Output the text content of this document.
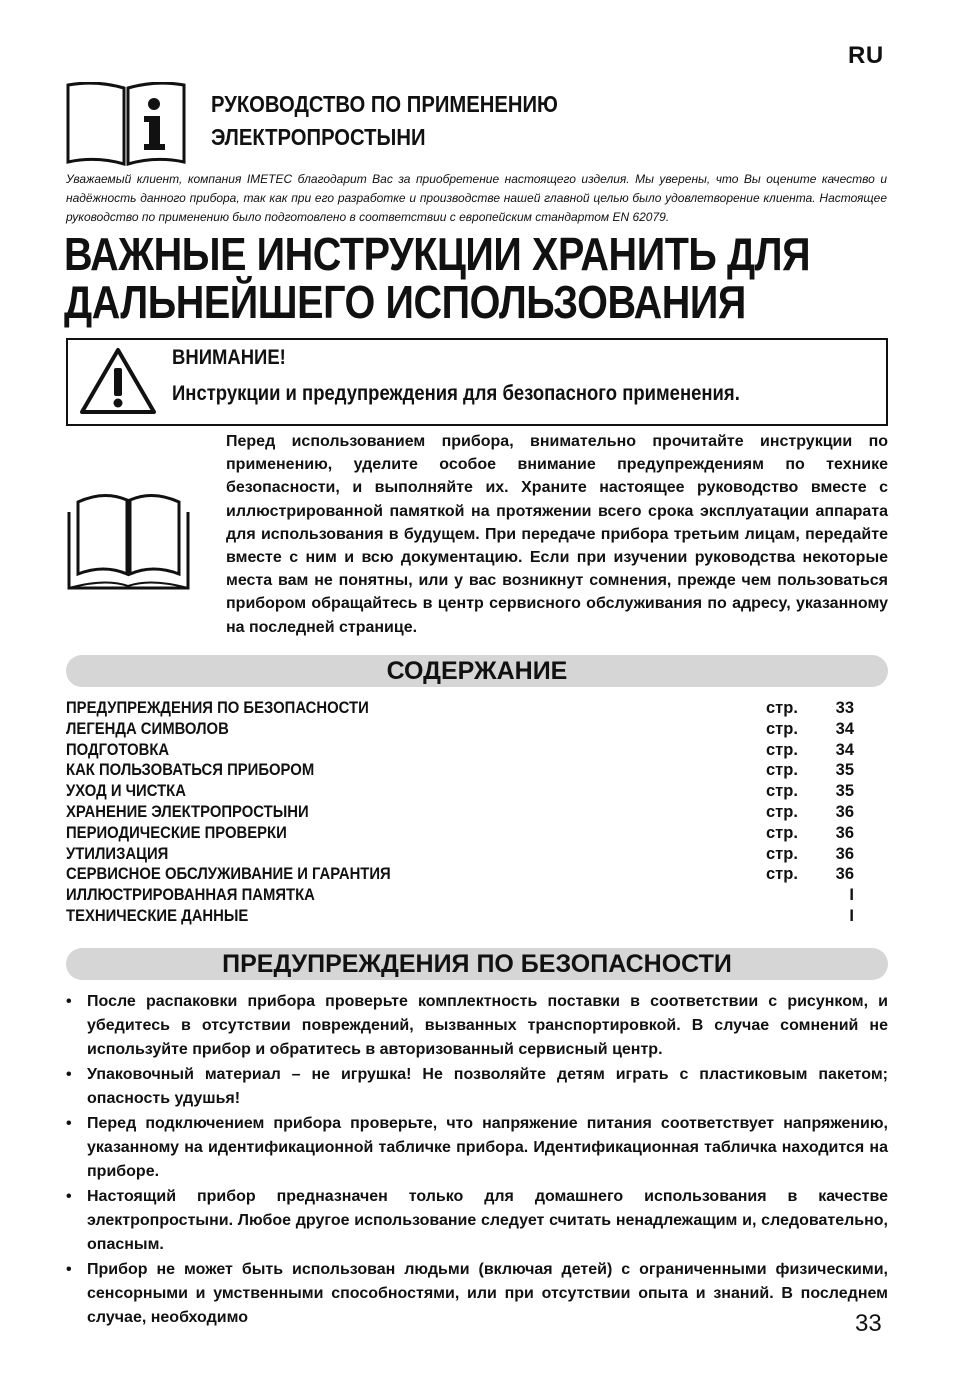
RU
РУКОВОДСТВО ПО ПРИМЕНЕНИЮ
ЭЛЕКТРОПРОСТЫНИ
Уважаемый клиент, компания IMETEC благодарит Вас за приобретение настоящего изделия. Мы уверены, что Вы оцените качество и надёжность данного прибора, так как при его разработке и производстве нашей главной целью было удовлетворение клиента. Настоящее руководство по применению было подготовлено в соответствии с европейским стандартом EN 62079.
ВАЖНЫЕ ИНСТРУКЦИИ ХРАНИТЬ ДЛЯ
ДАЛЬНЕЙШЕГО ИСПОЛЬЗОВАНИЯ
ВНИМАНИЕ!
Инструкции и предупреждения для безопасного применения.
Перед использованием прибора, внимательно прочитайте инструкции по применению, уделите особое внимание предупреждениям по технике безопасности, и выполняйте их. Храните настоящее руководство вместе с иллюстрированной памяткой на протяжении всего срока эксплуатации аппарата для использования в будущем. При передаче прибора третьим лицам, передайте вместе с ним и всю документацию. Если при изучении руководства некоторые места вам не понятны, или у вас возникнут сомнения, прежде чем пользоваться прибором обращайтесь в центр сервисного обслуживания по адресу, указанному на последней странице.
СОДЕРЖАНИЕ
ПРЕДУПРЕЖДЕНИЯ ПО БЕЗОПАСНОСТИ	стр. 33
ЛЕГЕНДА СИМВОЛОВ	стр. 34
ПОДГОТОВКА	стр. 34
КАК ПОЛЬЗОВАТЬСЯ ПРИБОРОМ	стр. 35
УХОД И ЧИСТКА	стр. 35
ХРАНЕНИЕ ЭЛЕКТРОПРОСТЫНИ	стр. 36
ПЕРИОДИЧЕСКИЕ ПРОВЕРКИ	стр. 36
УТИЛИЗАЦИЯ	стр. 36
СЕРВИСНОЕ ОБСЛУЖИВАНИЕ И ГАРАНТИЯ	стр. 36
ИЛЛЮСТРИРОВАННАЯ ПАМЯТКА	I
ТЕХНИЧЕСКИЕ ДАННЫЕ	I
ПРЕДУПРЕЖДЕНИЯ ПО БЕЗОПАСНОСТИ
• После распаковки прибора проверьте комплектность поставки в соответствии с рисунком, и убедитесь в отсутствии повреждений, вызванных транспортировкой. В случае сомнений не используйте прибор и обратитесь в авторизованный сервисный центр.
• Упаковочный материал – не игрушка! Не позволяйте детям играть с пластиковым пакетом; опасность удушья!
• Перед подключением прибора проверьте, что напряжение питания соответствует напряжению, указанному на идентификационной табличке прибора. Идентификационная табличка находится на приборе.
• Настоящий прибор предназначен только для домашнего использования в качестве электропростыни. Любое другое использование следует считать ненадлежащим и, следовательно, опасным.
• Прибор не может быть использован людьми (включая детей) с ограниченными физическими, сенсорными и умственными способностями, или при отсутствии опыта и знаний. В последнем случае, необходимо	33
